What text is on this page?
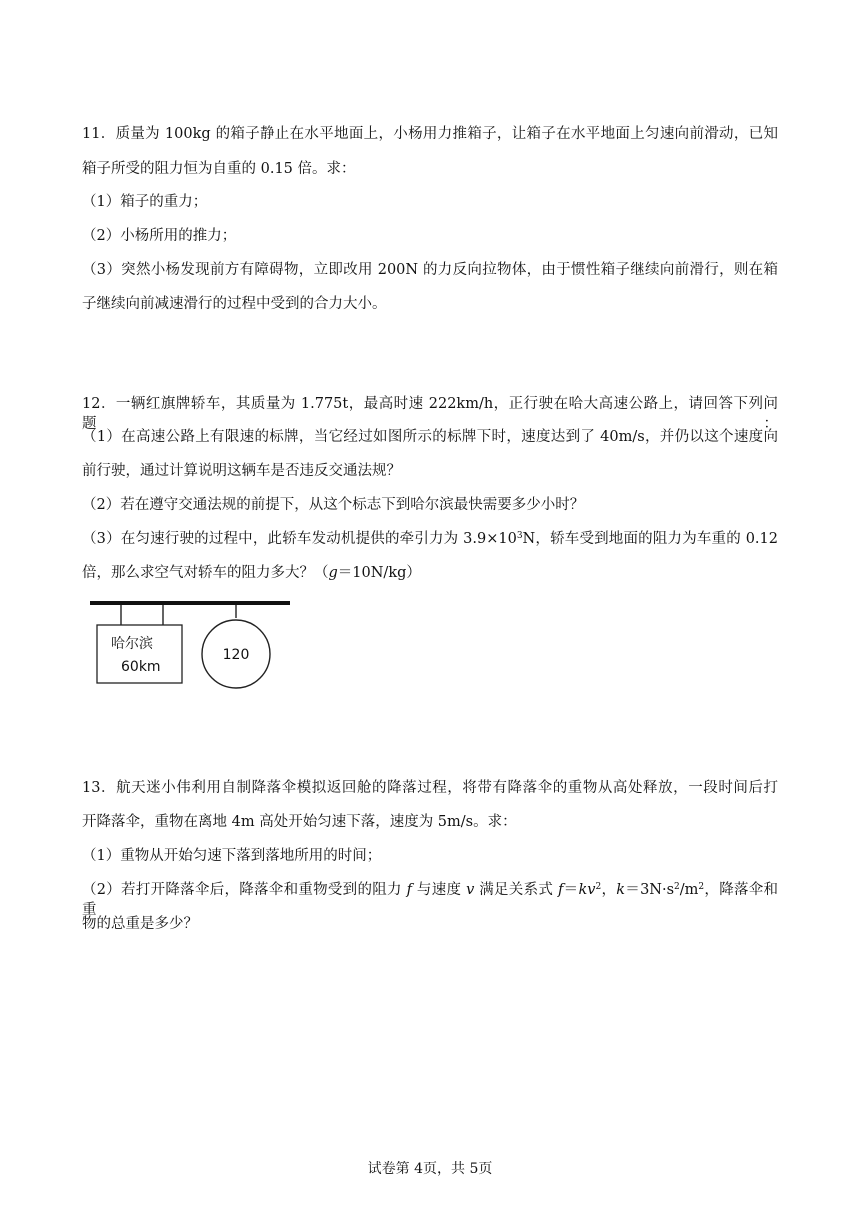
11．质量为 100kg 的箱子静止在水平地面上，小杨用力推箱子，让箱子在水平地面上匀速向前滑动，已知
箱子所受的阻力恒为自重的 0.15 倍。求：
（1）箱子的重力；
（2）小杨所用的推力；
（3）突然小杨发现前方有障碍物，立即改用 200N 的力反向拉物体，由于惯性箱子继续向前滑行，则在箱
子继续向前减速滑行的过程中受到的合力大小。
12．一辆红旗牌轿车，其质量为 1.775t，最高时速 222km/h，正行驶在哈大高速公路上，请回答下列问题：
（1）在高速公路上有限速的标牌，当它经过如图所示的标牌下时，速度达到了 40m/s，并仍以这个速度向
前行驶，通过计算说明这辆车是否违反交通法规？
（2）若在遵守交通法规的前提下，从这个标志下到哈尔滨最快需要多少小时？
（3）在匀速行驶的过程中，此轿车发动机提供的牵引力为 $3.9\times 10^3N$，轿车受到地面的阻力为车重的 0.12
倍，那么求空气对轿车的阻力多大？（g＝10N/kg）
哈尔滨
60km
120
13．航天迷小伟利用自制降落伞模拟返回舱的降落过程，将带有降落伞的重物从高处释放，一段时间后打
开降落伞，重物在离地 4m 高处开始匀速下落，速度为 5m/s。求：
（1）重物从开始匀速下落到落地所用的时间；
（2）若打开降落伞后，降落伞和重物受到的阻力 f 与速度 v 满足关系式 $f=kv^2$，$k=3N\cdot s^2/m^2$，降落伞和重
物的总重是多少？
试卷第 4页，共 5页
